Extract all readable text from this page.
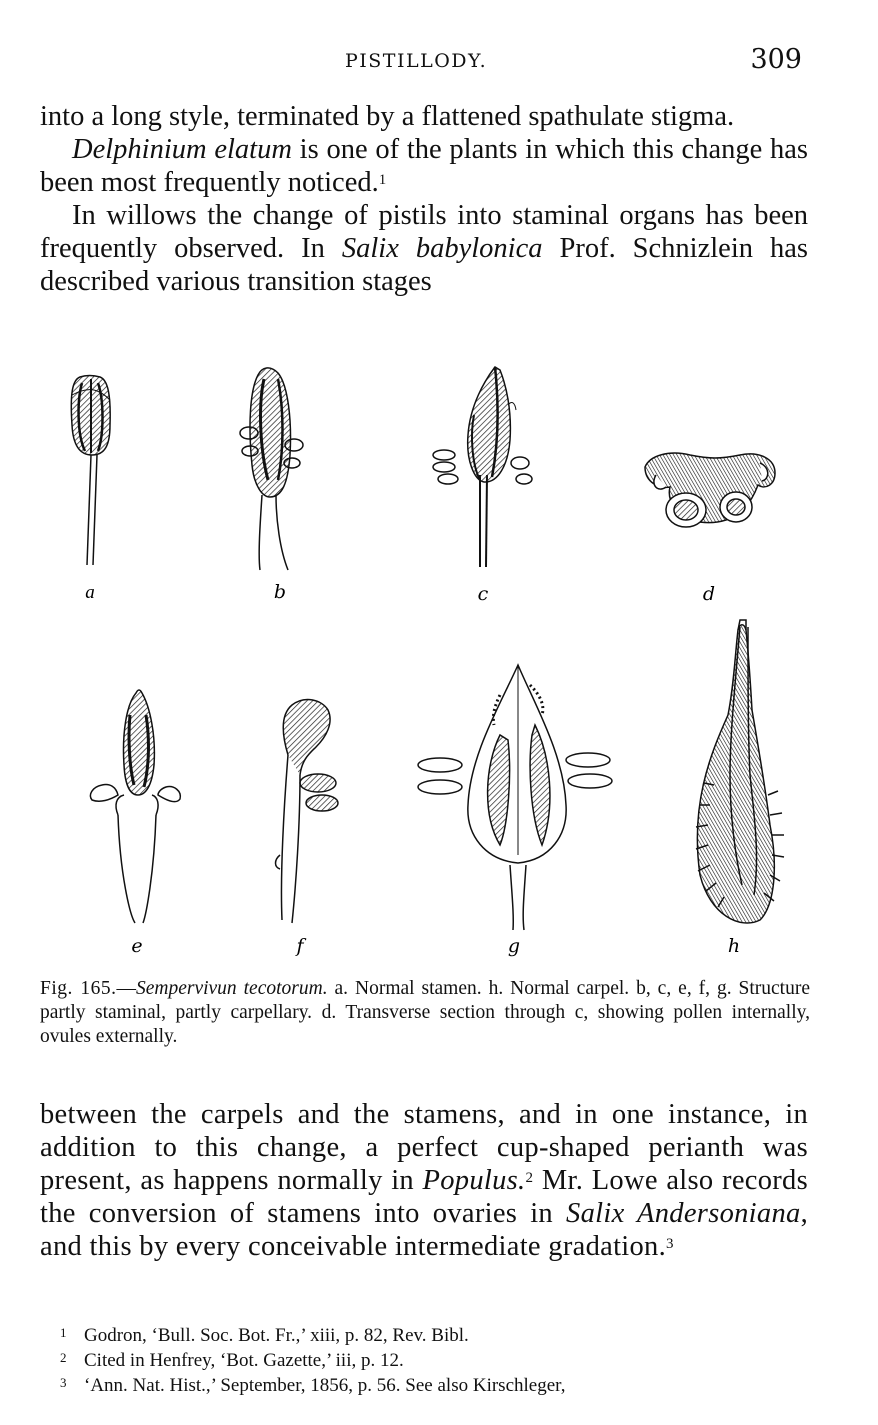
PISTILLODY.	309

into a long style, terminated by a flattened spathulate stigma.

Delphinium elatum is one of the plants in which this change has been most frequently noticed.$^1$

In willows the change of pistils into staminal organs has been frequently observed. In Salix babylonica Prof. Schnizlein has described various transition stages

a	b	c	d
e	f	g	h

Fig. 165.—Sempervivun tecotorum. a. Normal stamen. h. Normal carpel. b, c, e, f, g. Structure partly staminal, partly carpellary. d. Transverse section through c, showing pollen internally, ovules externally.

between the carpels and the stamens, and in one instance, in addition to this change, a perfect cup-shaped perianth was present, as happens normally in Populus.$^2$ Mr. Lowe also records the conversion of stamens into ovaries in Salix Andersoniana, and this by every conceivable intermediate gradation.$^3$

1 Godron, ‘Bull. Soc. Bot. Fr.,’ xiii, p. 82, Rev. Bibl.

2 Cited in Henfrey, ‘Bot. Gazette,’ iii, p. 12.

3 ‘Ann. Nat. Hist.,’ September, 1856, p. 56. See also Kirschleger,
